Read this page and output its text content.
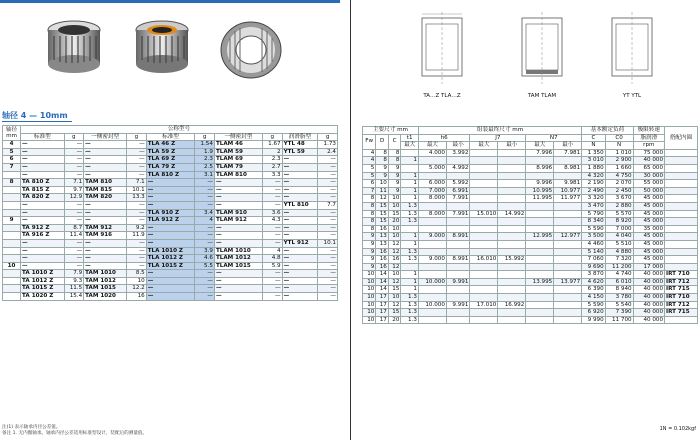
轴径 4 — 10mm
轴径
mm	公称型号									
	标准型	g	一侧密封型	g	标准型	g	一侧密封型	g	润滑脂型	g
4	—	—	—	—	TLA 46 Z	1.54	TLAM 46	1.67	YTL 48	1.73
5	—	—	—	—	TLA 59 Z	1.9	TLAM 59	2	YTL 59	2.4
6	—	—	—	—	TLA 69 Z	2.3	TLAM 69	2.3	—	—
7	—	—	—	—	TLA 79 Z	2.5	TLAM 79	2.7	—	—
	—	—	—	—	TLA 810 Z	3.1	TLAM 810	3.3	—	—
8	TA 810 Z	7.1	TAM 810	7.1	—	—	—	—	—	—
	TA 815 Z	9.7	TAM 815	10.1	—	—	—	—	—	—
	TA 820 Z	12.9	TAM 820	13.3	—	—	—	—	—	—
	—	—	—	—	—	—	—	—	YTL 810	7.7
	—	—	—	—	TLA 910 Z	3.4	TLAM 910	3.6	—	—
9	—	—	—	—	TLA 912 Z	4	TLAM 912	4.3	—	—
	TA 912 Z	8.7	TAM 912	9.2	—	—	—	—	—	—
	TA 916 Z	11.4	TAM 916	11.9	—	—	—	—	—	—
	—	—	—	—	—	—	—	—	YTL 912	10.1
	—	—	—	—	TLA 1010 Z	3.9	TLAM 1010	4	—	—
	—	—	—	—	TLA 1012 Z	4.6	TLAM 1012	4.8	—	—
10	—	—	—	—	TLA 1015 Z	5.5	TLAM 1015	5.9	—	—
	TA 1010 Z	7.9	TAM 1010	8.5	—	—	—	—	—	—
	TA 1012 Z	9.3	TAM 1012	10	—	—	—	—	—	—
	TA 1015 Z	11.5	TAM 1015	12.2	—	—	—	—	—	—
	TA 1020 Z	15.4	TAM 1020	16	—	—	—	—	—	—
注(1) 表示轴承内径公差值。
备注 1. 无内圈轴承。轴承内径公差适用标准型设计，装配后的测量值。
TA…Z TLA…Z	TAM TLAM	YT YTL
主要尺寸 mm				组装最终尺寸 mm						基本额定负荷		极限转速	搭配内圈
Fw	D	C	t1	h6		J7		N7		C	C0	脂润滑	
			最大	最大	最小	最大	最小	最大	最小	N	N	rpm	
4	8	8		4.000	3.992			7.996	7.981	1 350	1 010	75 000	
4	8	8	1							3 010	2 900	40 000	
5	9	9		5.000	4.992			8.996	8.981	1 880	1 660	65 000	
5	9	9	1							4 320	4 750	30 000	
6	10	9	1	6.000	5.992			9.996	9.981	2 190	2 070	55 000	
7	11	9	1	7.000	6.991			10.995	10.977	2 490	2 450	50 000	
8	12	10	1	8.000	7.991			11.995	11.977	3 320	3 670	45 000	
8	15	10	1.3							3 470	2 880	45 000	
8	15	15	1.3	8.000	7.991	15.010	14.992			5 790	5 570	45 000	
8	15	20	1.3							8 340	8 920	45 000	
8	16	10								5 590	7 000	35 000	
9	13	10	1	9.000	8.991			12.995	12.977	3 500	4 040	45 000	
9	13	12	1							4 460	5 510	45 000	
9	16	12	1.3							5 140	4 880	45 000	
9	16	16	1.3	9.000	8.991	16.010	15.992			7 060	7 320	45 000	
9	16	12								9 690	11 200	17 000	
10	14	10	1							3 870	4 740	40 000	IRT 710
10	14	12	1	10.000	9.991			13.995	13.977	4 620	6 010	40 000	IRT 712
10	14	15	1							6 390	8 940	40 000	IRT 715
10	17	10	1.3							4 150	3 780	40 000	IRT 710
10	17	12	1.3	10.000	9.991	17.010	16.992			5 590	5 540	40 000	IRT 712
10	17	15	1.3							6 920	7 390	40 000	IRT 715
10	17	20	1.3							9 990	11 700	40 000	
1N = 0.102kgf
